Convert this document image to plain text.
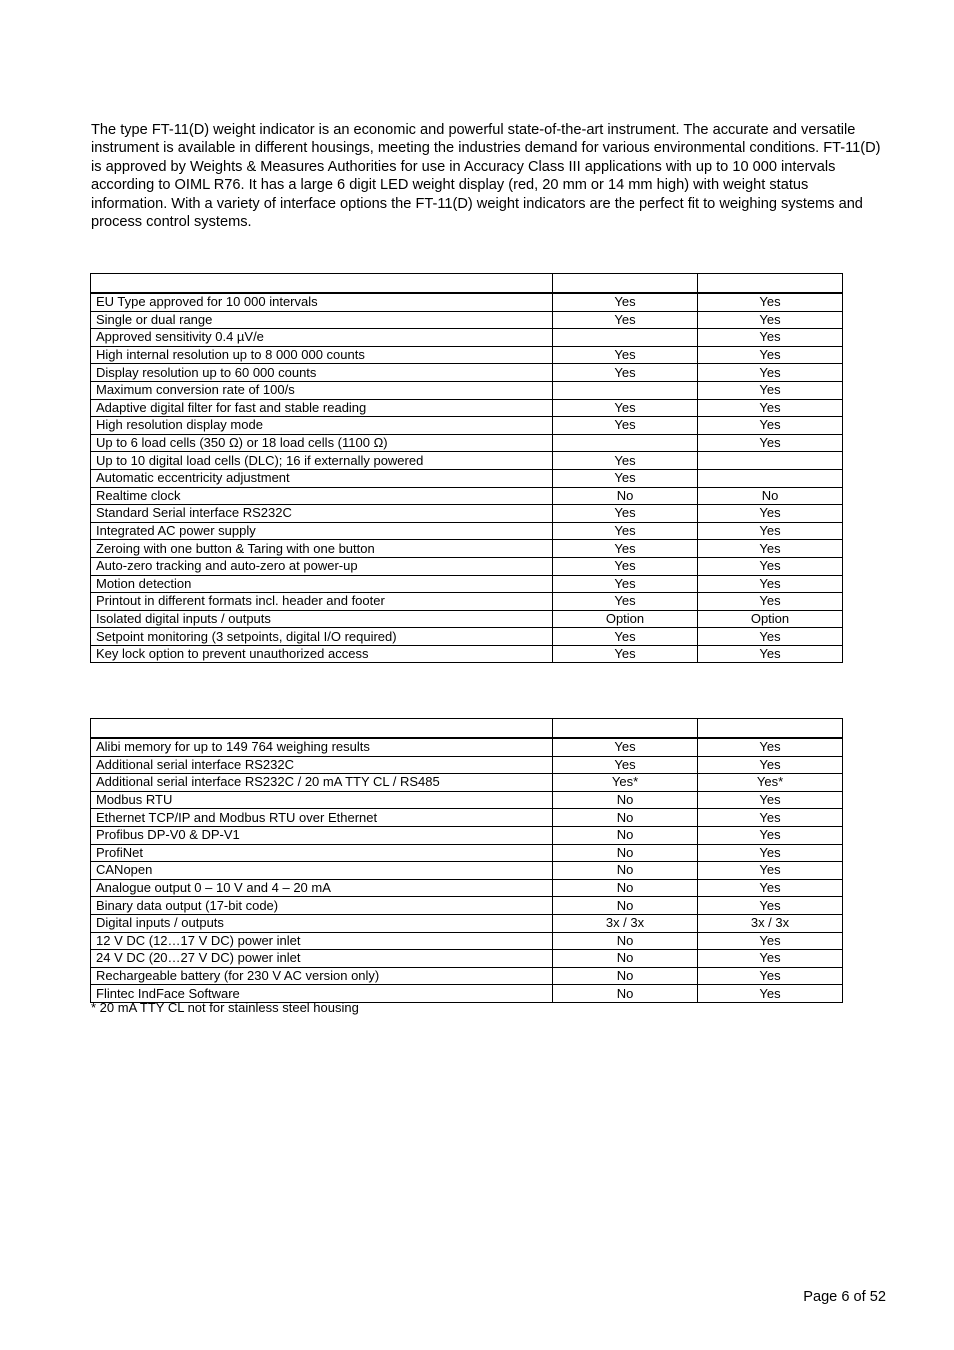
The type FT-11(D) weight indicator is an economic and powerful state-of-the-art instrument. The accurate and versatile instrument is available in different housings, meeting the industries demand for various environmental conditions. FT-11(D) is approved by Weights & Measures Authorities for use in Accuracy Class III applications with up to 10 000 intervals according to OIML R76. It has a large 6 digit LED weight display (red, 20 mm or 14 mm high) with weight status information. With a variety of interface options the FT-11(D) weight indicators are the perfect fit to weighing systems and process control systems.

EU Type approved for 10 000 intervals	Yes	Yes
Single or dual range	Yes	Yes
Approved sensitivity 0.4 µV/e		Yes
High internal resolution up to 8 000 000 counts	Yes	Yes
Display resolution up to 60 000 counts	Yes	Yes
Maximum conversion rate of 100/s		Yes
Adaptive digital filter for fast and stable reading	Yes	Yes
High resolution display mode	Yes	Yes
Up to 6 load cells (350 Ω) or 18 load cells (1100 Ω)		Yes
Up to 10 digital load cells (DLC); 16 if externally powered	Yes	
Automatic eccentricity adjustment	Yes	
Realtime clock	No	No
Standard Serial interface RS232C	Yes	Yes
Integrated AC power supply	Yes	Yes
Zeroing with one button & Taring with one button	Yes	Yes
Auto-zero tracking and auto-zero at power-up	Yes	Yes
Motion detection	Yes	Yes
Printout in different formats incl. header and footer	Yes	Yes
Isolated digital inputs / outputs	Option	Option
Setpoint monitoring (3 setpoints, digital I/O required)	Yes	Yes
Key lock option to prevent unauthorized access	Yes	Yes

Alibi memory for up to 149 764 weighing results	Yes	Yes
Additional serial interface RS232C	Yes	Yes
Additional serial interface RS232C / 20 mA TTY CL / RS485	Yes*	Yes*
Modbus RTU	No	Yes
Ethernet TCP/IP and Modbus RTU over Ethernet	No	Yes
Profibus DP-V0 & DP-V1	No	Yes
ProfiNet	No	Yes
CANopen	No	Yes
Analogue output 0 – 10 V and 4 – 20 mA	No	Yes
Binary data output (17-bit code)	No	Yes
Digital inputs / outputs	3x / 3x	3x / 3x
12 V DC (12…17 V DC) power inlet	No	Yes
24 V DC (20…27 V DC) power inlet	No	Yes
Rechargeable battery (for 230 V AC version only)	No	Yes
Flintec IndFace Software	No	Yes

* 20 mA TTY CL not for stainless steel housing

Page 6 of 52
